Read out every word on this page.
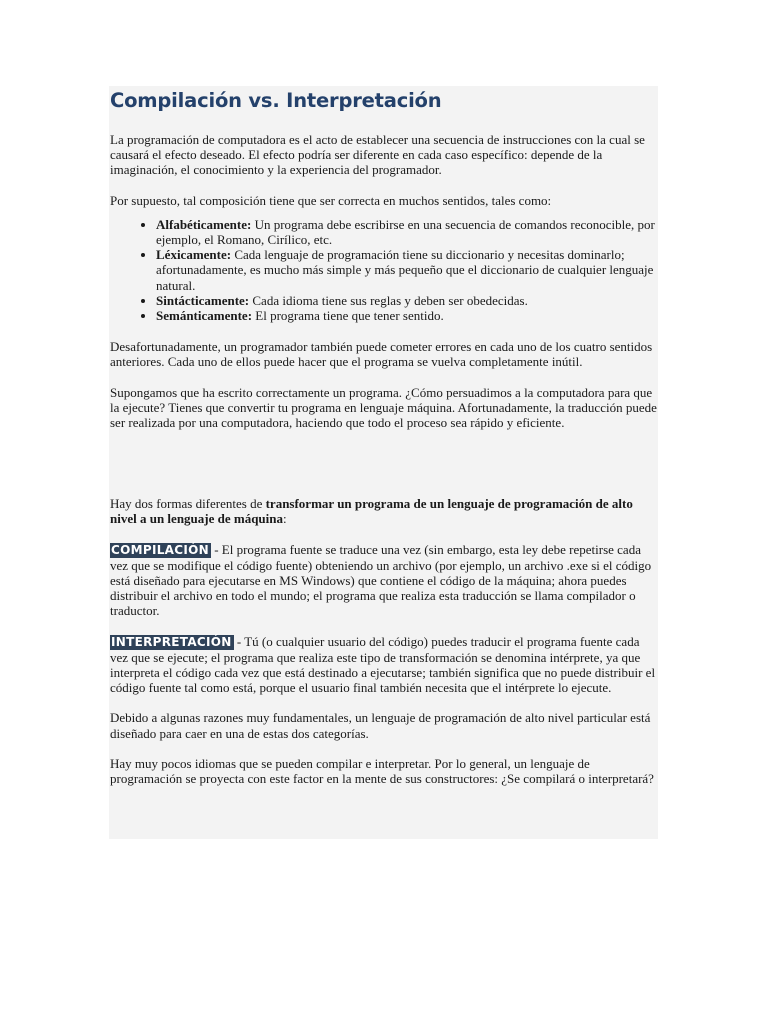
Compilación vs. Interpretación

La programación de computadora es el acto de establecer una secuencia de instrucciones con la cual se causará el efecto deseado. El efecto podría ser diferente en cada caso específico: depende de la imaginación, el conocimiento y la experiencia del programador.

Por supuesto, tal composición tiene que ser correcta en muchos sentidos, tales como:

• Alfabéticamente: Un programa debe escribirse en una secuencia de comandos reconocible, por ejemplo, el Romano, Cirílico, etc.
• Léxicamente: Cada lenguaje de programación tiene su diccionario y necesitas dominarlo; afortunadamente, es mucho más simple y más pequeño que el diccionario de cualquier lenguaje natural.
• Sintácticamente: Cada idioma tiene sus reglas y deben ser obedecidas.
• Semánticamente: El programa tiene que tener sentido.

Desafortunadamente, un programador también puede cometer errores en cada uno de los cuatro sentidos anteriores. Cada uno de ellos puede hacer que el programa se vuelva completamente inútil.

Supongamos que ha escrito correctamente un programa. ¿Cómo persuadimos a la computadora para que la ejecute? Tienes que convertir tu programa en lenguaje máquina. Afortunadamente, la traducción puede ser realizada por una computadora, haciendo que todo el proceso sea rápido y eficiente.

Hay dos formas diferentes de transformar un programa de un lenguaje de programación de alto nivel a un lenguaje de máquina:

COMPILACIÓN - El programa fuente se traduce una vez (sin embargo, esta ley debe repetirse cada vez que se modifique el código fuente) obteniendo un archivo (por ejemplo, un archivo .exe si el código está diseñado para ejecutarse en MS Windows) que contiene el código de la máquina; ahora puedes distribuir el archivo en todo el mundo; el programa que realiza esta traducción se llama compilador o traductor.

INTERPRETACIÓN - Tú (o cualquier usuario del código) puedes traducir el programa fuente cada vez que se ejecute; el programa que realiza este tipo de transformación se denomina intérprete, ya que interpreta el código cada vez que está destinado a ejecutarse; también significa que no puede distribuir el código fuente tal como está, porque el usuario final también necesita que el intérprete lo ejecute.

Debido a algunas razones muy fundamentales, un lenguaje de programación de alto nivel particular está diseñado para caer en una de estas dos categorías.

Hay muy pocos idiomas que se pueden compilar e interpretar. Por lo general, un lenguaje de programación se proyecta con este factor en la mente de sus constructores: ¿Se compilará o interpretará?
